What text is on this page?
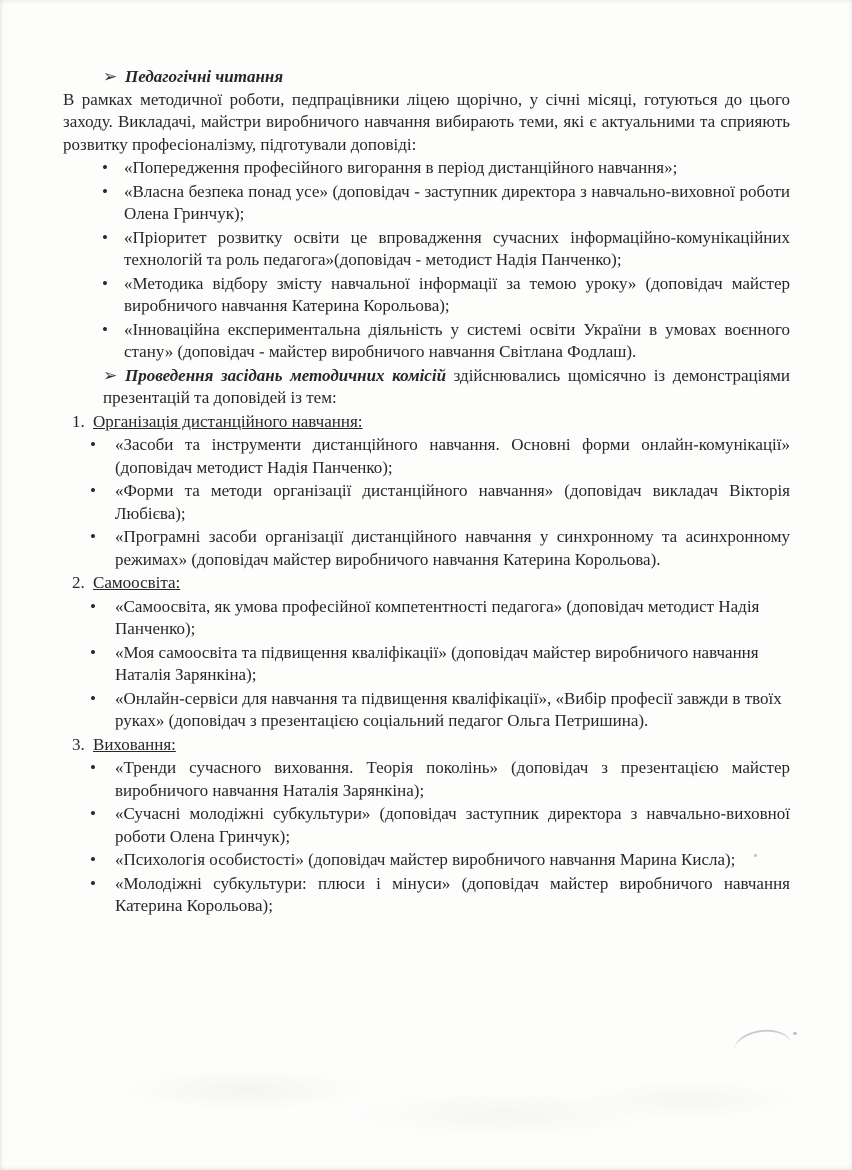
➢ Педагогічні читання

В рамках методичної роботи, педпрацівники ліцею щорічно, у січні місяці, готуються до цього заходу. Викладачі, майстри виробничого навчання вибирають теми, які є актуальними та сприяють розвитку професіоналізму, підготували доповіді:

• «Попередження професійного вигорання в період дистанційного навчання»;
• «Власна безпека понад усе» (доповідач - заступник директора з навчально-виховної роботи Олена Гринчук);
• «Пріоритет розвитку освіти це впровадження сучасних інформаційно-комунікаційних технологій та роль педагога»(доповідач - методист Надія Панченко);
• «Методика відбору змісту навчальної інформації за темою уроку» (доповідач майстер виробничого навчання Катерина Корольова);
• «Інноваційна експериментальна діяльність у системі освіти України в умовах воєнного стану» (доповідач - майстер виробничого навчання Світлана Фодлаш).
➢ Проведення засідань методичних комісій здійснювались щомісячно із демонстраціями презентацій та доповідей із тем:
1. Організація дистанційного навчання:
• «Засоби та інструменти дистанційного навчання. Основні форми онлайн-комунікації» (доповідач методист Надія Панченко);
• «Форми та методи організації дистанційного навчання» (доповідач викладач Вікторія Любієва);
• «Програмні засоби організації дистанційного навчання у синхронному та асинхронному режимах» (доповідач майстер виробничого навчання Катерина Корольова).
2. Самоосвіта:
• «Самоосвіта, як умова професійної компетентності педагога» (доповідач методист Надія Панченко);
• «Моя самоосвіта та підвищення кваліфікації» (доповідач майстер виробничого навчання Наталія Зарянкіна);
• «Онлайн-сервіси для навчання та підвищення кваліфікації», «Вибір професії завжди в твоїх руках» (доповідач з презентацією соціальний педагог Ольга Петришина).
3. Виховання:
• «Тренди сучасного виховання. Теорія поколінь» (доповідач з презентацією майстер виробничого навчання Наталія Зарянкіна);
• «Сучасні молодіжні субкультури» (доповідач заступник директора з навчально-виховної роботи Олена Гринчук);
• «Психологія особистості» (доповідач майстер виробничого навчання Марина Кисла);
• «Молодіжні субкультури: плюси і мінуси» (доповідач майстер виробничого навчання Катерина Корольова);
